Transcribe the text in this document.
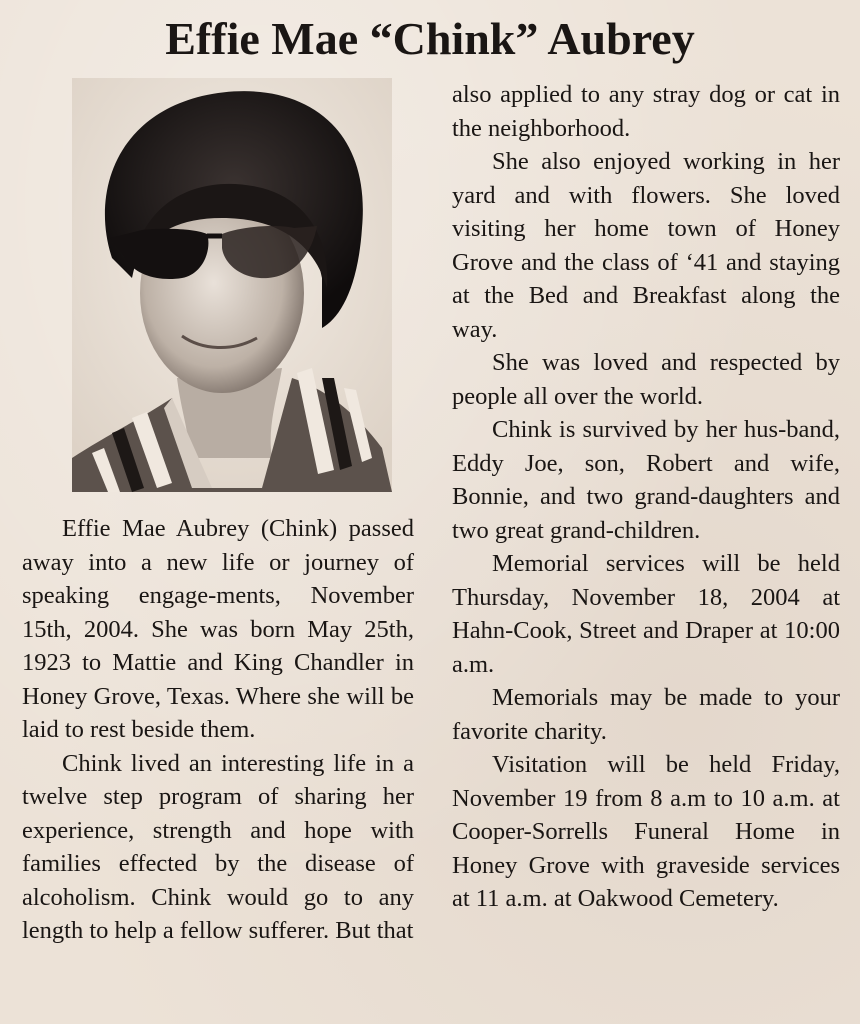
Effie Mae “Chink” Aubrey

Effie Mae Aubrey (Chink) passed away into a new life or journey of speaking engage-ments, November 15th, 2004. She was born May 25th, 1923 to Mattie and King Chandler in Honey Grove, Texas. Where she will be laid to rest beside them.

Chink lived an interesting life in a twelve step program of sharing her experience, strength and hope with families effected by the disease of alcoholism. Chink would go to any length to help a fellow sufferer. But that

also applied to any stray dog or cat in the neighborhood.

She also enjoyed working in her yard and with flowers. She loved visiting her home town of Honey Grove and the class of ‘41 and staying at the Bed and Breakfast along the way.

She was loved and respected by people all over the world.

Chink is survived by her hus-band, Eddy Joe, son, Robert and wife, Bonnie, and two grand-daughters and two great grand-children.

Memorial services will be held Thursday, November 18, 2004 at Hahn-Cook, Street and Draper at 10:00 a.m.

Memorials may be made to your favorite charity.

Visitation will be held Friday, November 19 from 8 a.m to 10 a.m. at Cooper-Sorrells Funeral Home in Honey Grove with graveside services at 11 a.m. at Oakwood Cemetery.
